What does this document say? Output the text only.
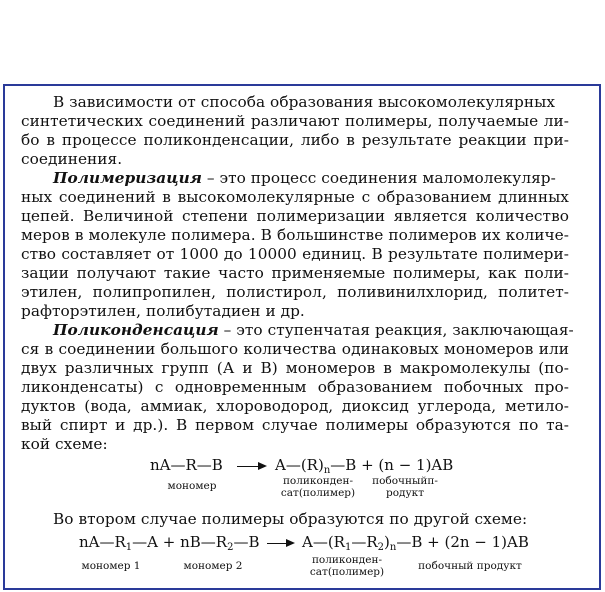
В зависимости от способа образования высокомолекулярных
синтетических соединений различают полимеры, получаемые ли-
бо в процессе поликонденсации, либо в результате реакции при-
соединения.
Полимеризация – это процесс соединения маломолекуляр-
ных соединений в высокомолекулярные с образованием длинных
цепей. Величиной степени полимеризации является количество
меров в молекуле полимера. В большинстве полимеров их количе-
ство составляет от 1000 до 10000 единиц. В результате полимери-
зации получают такие часто применяемые полимеры, как поли-
этилен, полипропилен, полистирол, поливинилхлорид, политет-
рафторэтилен, полибутадиен и др.
Поликонденсация – это ступенчатая реакция, заключающая-
ся в соединении большого количества одинаковых мономеров или
двух различных групп (А и В) мономеров в макромолекулы (по-
ликонденсаты) с одновременным образованием побочных про-
дуктов (вода, аммиак, хлороводород, диоксид углерода, метило-
вый спирт и др.). В первом случае полимеры образуются по та-
кой схеме:
nA—R—B → $A—(R)_n—B + (n - 1)AB$
мономер	поликонден-
сат(полимер)
побочныйп-
родукт
Во втором случае полимеры образуются по другой схеме:
$nA—R_1—A$ + $nB—R_2—B$ → $A—(R_1—R_2)_n—B + (2n - 1)AB$
мономер 1	мономер 2	поликонден-
сат(полимер)	побочный продукт
